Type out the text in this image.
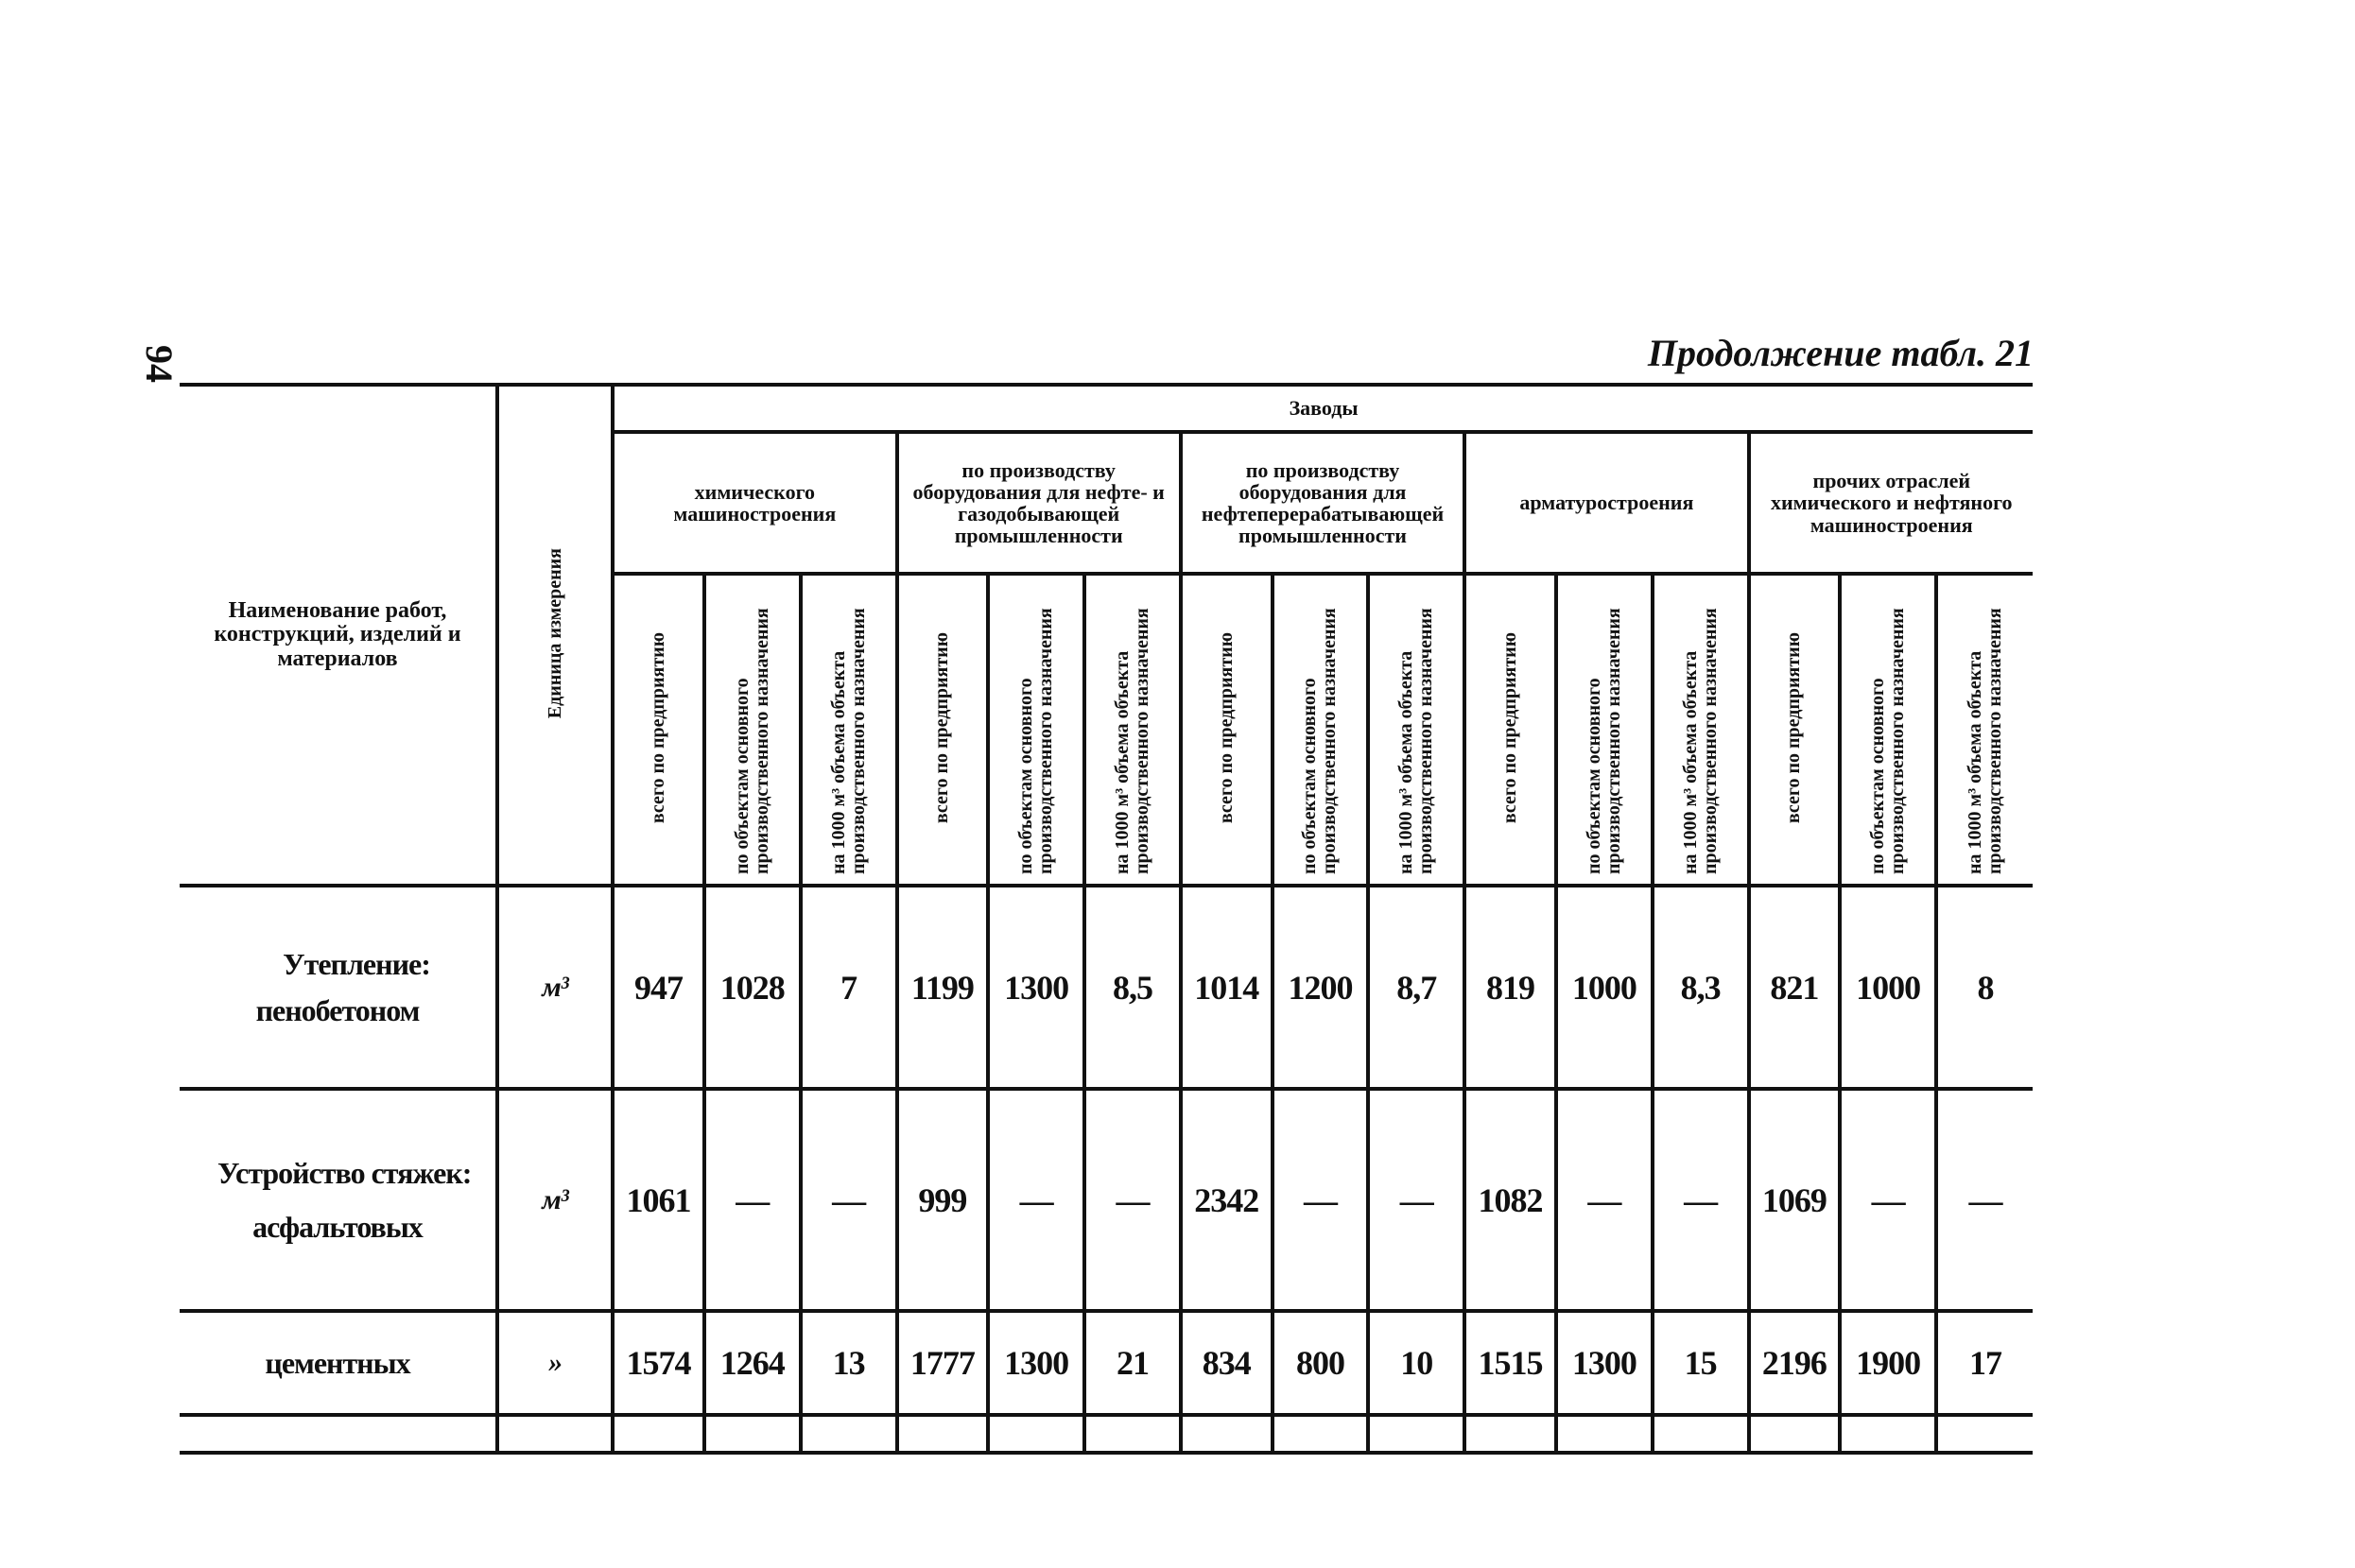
94	Продолжение табл. 21
Наименование работ, конструкций, изделий и материалов	Единица измерения	Заводы														
		химического машиностроения			по производству оборудования для нефте- и газодобывающей промышленности			по производству оборудования для нефтеперерабатывающей промышленности			арматуростроения			прочих отраслей химического и нефтяного машиностроения		
		всего по предприятию	по объектам основного производственного назначения	на 1000 м³ объема объекта производственного назначения	всего по предприятию	по объектам основного производственного назначения	на 1000 м³ объема объекта производственного назначения	всего по предприятию	по объектам основного производственного назначения	на 1000 м³ объема объекта производственного назначения	всего по предприятию	по объектам основного производственного назначения	на 1000 м³ объема объекта производственного назначения	всего по предприятию	по объектам основного производственного назначения	на 1000 м³ объема объекта производственного назначения

Утепление:
пенобетоном	м³	947	1028	7	1199	1300	8,5	1014	1200	8,7	819	1000	8,3	821	1000	8

Устройство стяжек:
асфальтовых	м³	1061	—	—	999	—	—	2342	—	—	1082	—	—	1069	—	—
цементных	»	1574	1264	13	1777	1300	21	834	800	10	1515	1300	15	2196	1900	17
